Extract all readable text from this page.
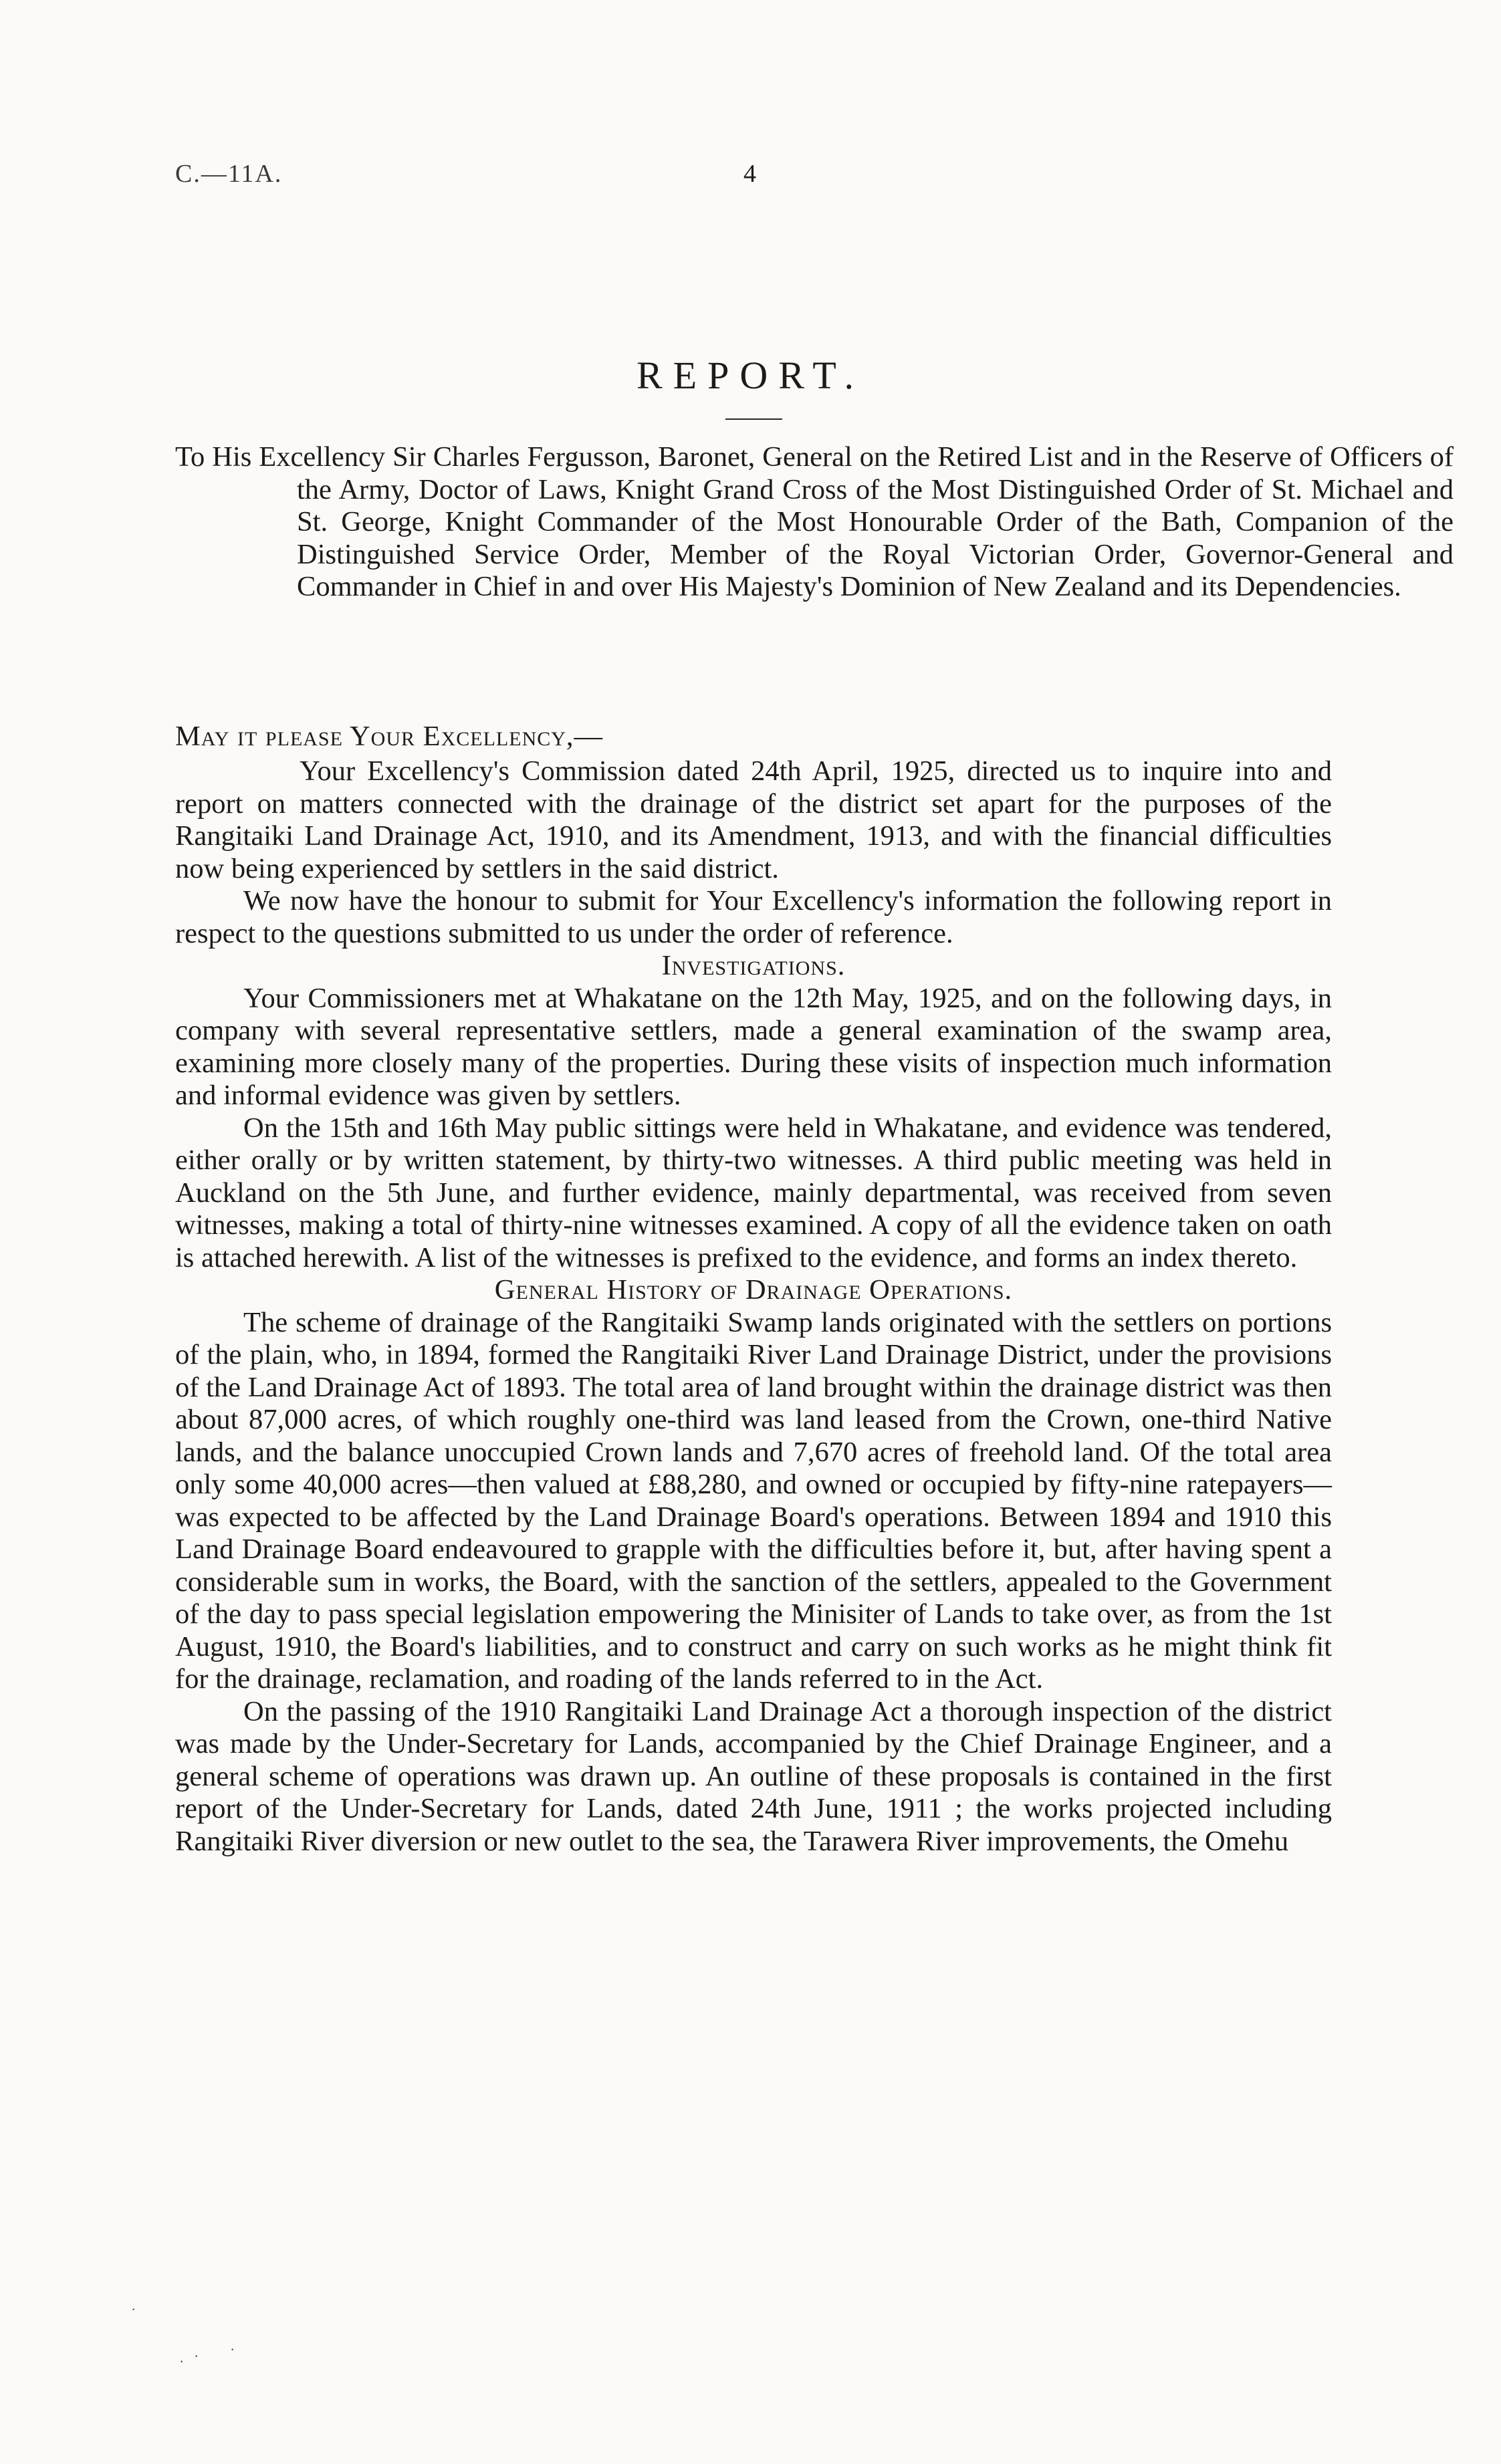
C.—11A.	4
REPORT.
To His Excellency Sir Charles Fergusson, Baronet, General on the Retired List and in the Reserve of Officers of the Army, Doctor of Laws, Knight Grand Cross of the Most Distinguished Order of St. Michael and St. George, Knight Commander of the Most Honourable Order of the Bath, Companion of the Distinguished Service Order, Member of the Royal Victorian Order, Governor-General and Commander in Chief in and over His Majesty's Dominion of New Zealand and its Dependencies.
May it please Your Excellency,—

Your Excellency's Commission dated 24th April, 1925, directed us to inquire into and report on matters connected with the drainage of the district set apart for the purposes of the Rangitaiki Land Drainage Act, 1910, and its Amendment, 1913, and with the financial difficulties now being experienced by settlers in the said district.

We now have the honour to submit for Your Excellency's information the following report in respect to the questions submitted to us under the order of reference.

Investigations.

Your Commissioners met at Whakatane on the 12th May, 1925, and on the following days, in company with several representative settlers, made a general examination of the swamp area, examining more closely many of the properties. During these visits of inspection much information and informal evidence was given by settlers.

On the 15th and 16th May public sittings were held in Whakatane, and evidence was tendered, either orally or by written statement, by thirty-two witnesses. A third public meeting was held in Auckland on the 5th June, and further evidence, mainly departmental, was received from seven witnesses, making a total of thirty-nine witnesses examined. A copy of all the evidence taken on oath is attached herewith. A list of the witnesses is prefixed to the evidence, and forms an index thereto.

General History of Drainage Operations.

The scheme of drainage of the Rangitaiki Swamp lands originated with the settlers on portions of the plain, who, in 1894, formed the Rangitaiki River Land Drainage District, under the provisions of the Land Drainage Act of 1893. The total area of land brought within the drainage district was then about 87,000 acres, of which roughly one-third was land leased from the Crown, one-third Native lands, and the balance unoccupied Crown lands and 7,670 acres of freehold land. Of the total area only some 40,000 acres—then valued at £88,280, and owned or occupied by fifty-nine ratepayers—was expected to be affected by the Land Drainage Board's operations. Between 1894 and 1910 this Land Drainage Board endeavoured to grapple with the difficulties before it, but, after having spent a considerable sum in works, the Board, with the sanction of the settlers, appealed to the Government of the day to pass special legislation empowering the Minisiter of Lands to take over, as from the 1st August, 1910, the Board's liabilities, and to construct and carry on such works as he might think fit for the drainage, reclamation, and roading of the lands referred to in the Act.

On the passing of the 1910 Rangitaiki Land Drainage Act a thorough inspection of the district was made by the Under-Secretary for Lands, accompanied by the Chief Drainage Engineer, and a general scheme of operations was drawn up. An outline of these proposals is contained in the first report of the Under-Secretary for Lands, dated 24th June, 1911 ; the works projected including Rangitaiki River diversion or new outlet to the sea, the Tarawera River improvements, the Omehu

·
· · ·
